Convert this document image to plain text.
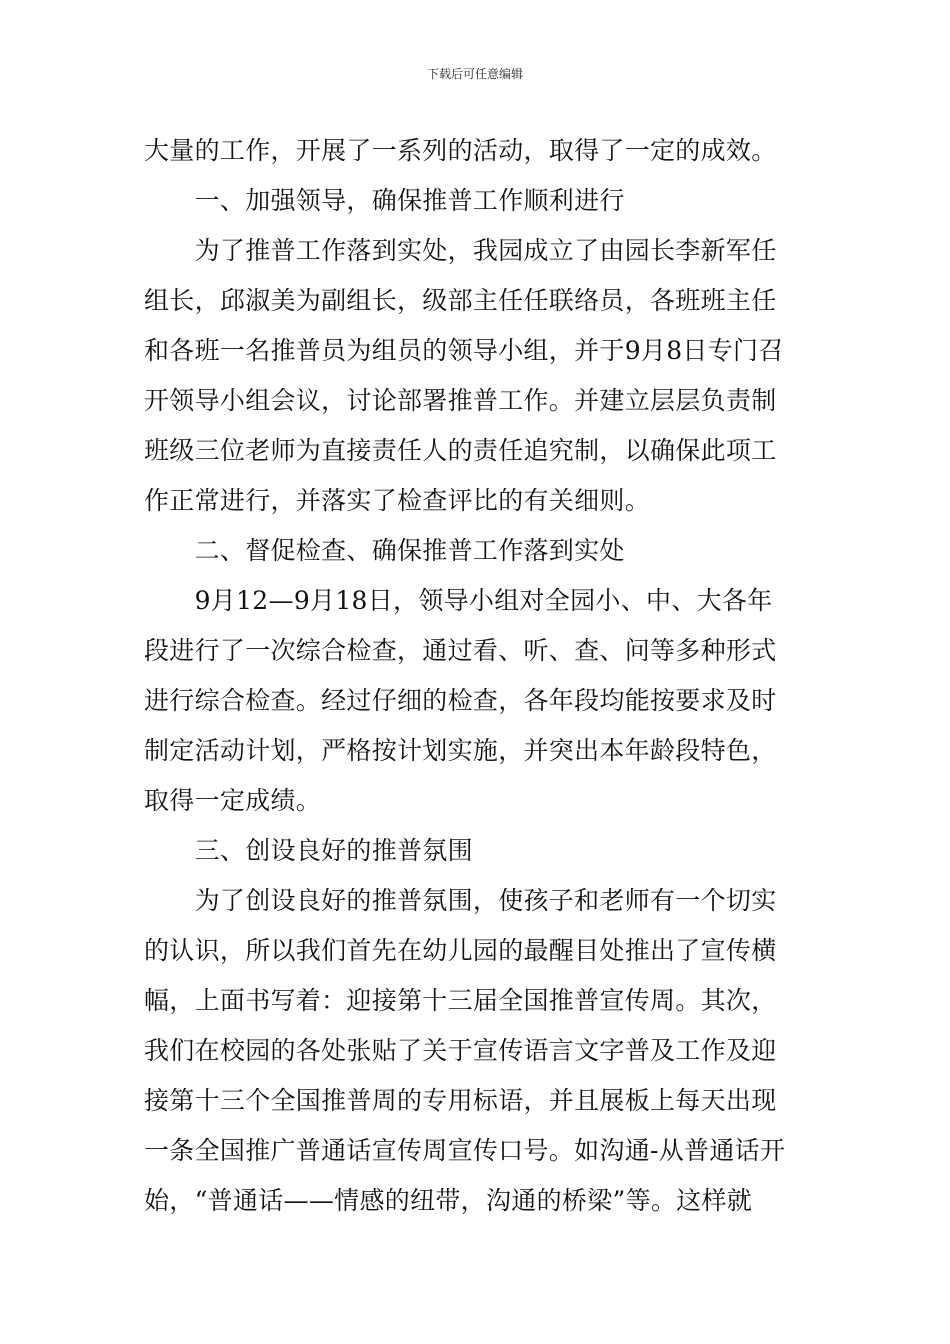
下载后可任意编辑
大量的工作，开展了一系列的活动，取得了一定的成效。
　　一、加强领导，确保推普工作顺利进行
　　为了推普工作落到实处，我园成立了由园长李新军任
组长，邱淑美为副组长，级部主任任联络员，各班班主任
和各班一名推普员为组员的领导小组，并于9月8日专门召
开领导小组会议，讨论部署推普工作。并建立层层负责制
班级三位老师为直接责任人的责任追究制，以确保此项工
作正常进行，并落实了检查评比的有关细则。
　　二、督促检查、确保推普工作落到实处
　　9月12—9月18日，领导小组对全园小、中、大各年
段进行了一次综合检查，通过看、听、查、问等多种形式
进行综合检查。经过仔细的检查，各年段均能按要求及时
制定活动计划，严格按计划实施，并突出本年龄段特色，
取得一定成绩。
　　三、创设良好的推普氛围
　　为了创设良好的推普氛围，使孩子和老师有一个切实
的认识，所以我们首先在幼儿园的最醒目处推出了宣传横
幅，上面书写着：迎接第十三届全国推普宣传周。其次，
我们在校园的各处张贴了关于宣传语言文字普及工作及迎
接第十三个全国推普周的专用标语，并且展板上每天出现
一条全国推广普通话宣传周宣传口号。如沟通-从普通话开
始，“普通话——情感的纽带，沟通的桥梁”等。这样就
